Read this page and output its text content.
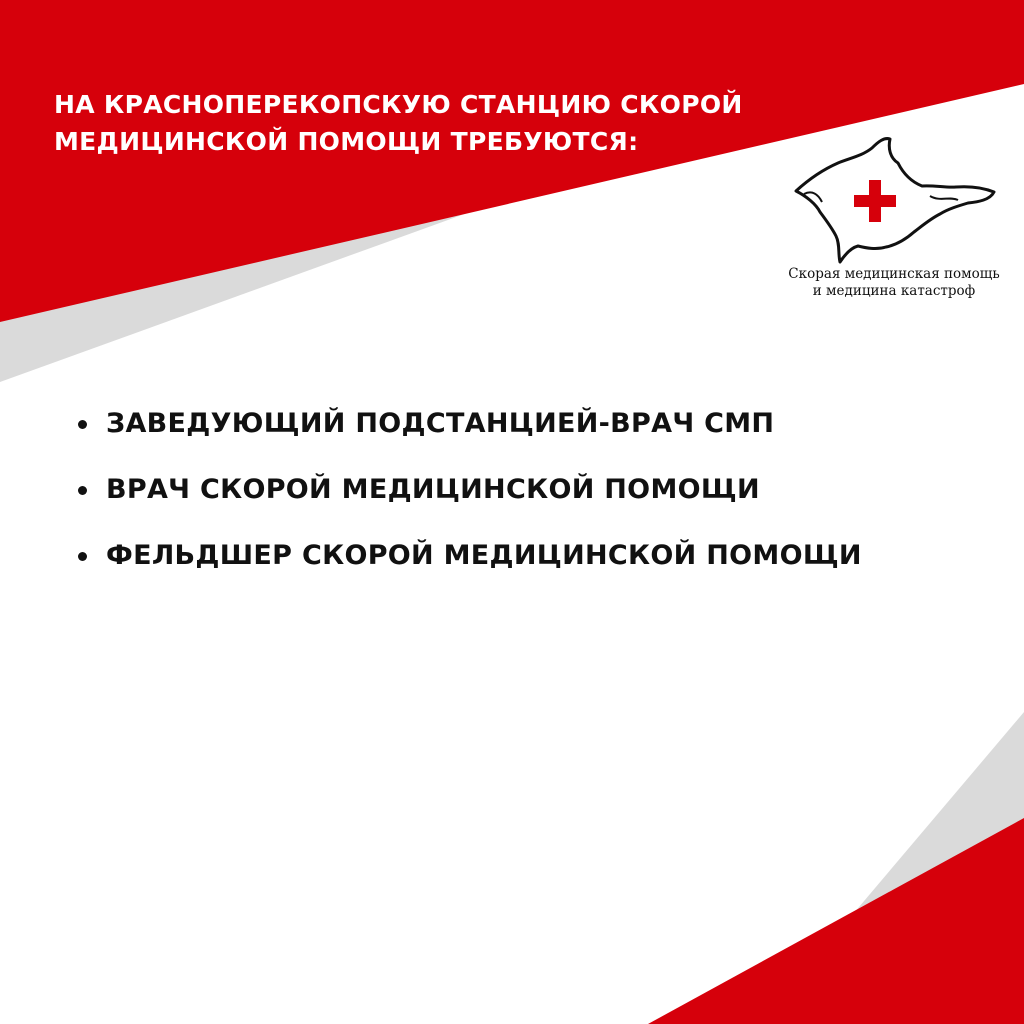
НА КРАСНОПЕРЕКОПСКУЮ СТАНЦИЮ СКОРОЙ
МЕДИЦИНСКОЙ ПОМОЩИ ТРЕБУЮТСЯ:
Скорая медицинская помощь
и медицина катастроф
ЗАВЕДУЮЩИЙ ПОДСТАНЦИЕЙ-ВРАЧ СМП
ВРАЧ СКОРОЙ МЕДИЦИНСКОЙ ПОМОЩИ
ФЕЛЬДШЕР СКОРОЙ МЕДИЦИНСКОЙ ПОМОЩИ
